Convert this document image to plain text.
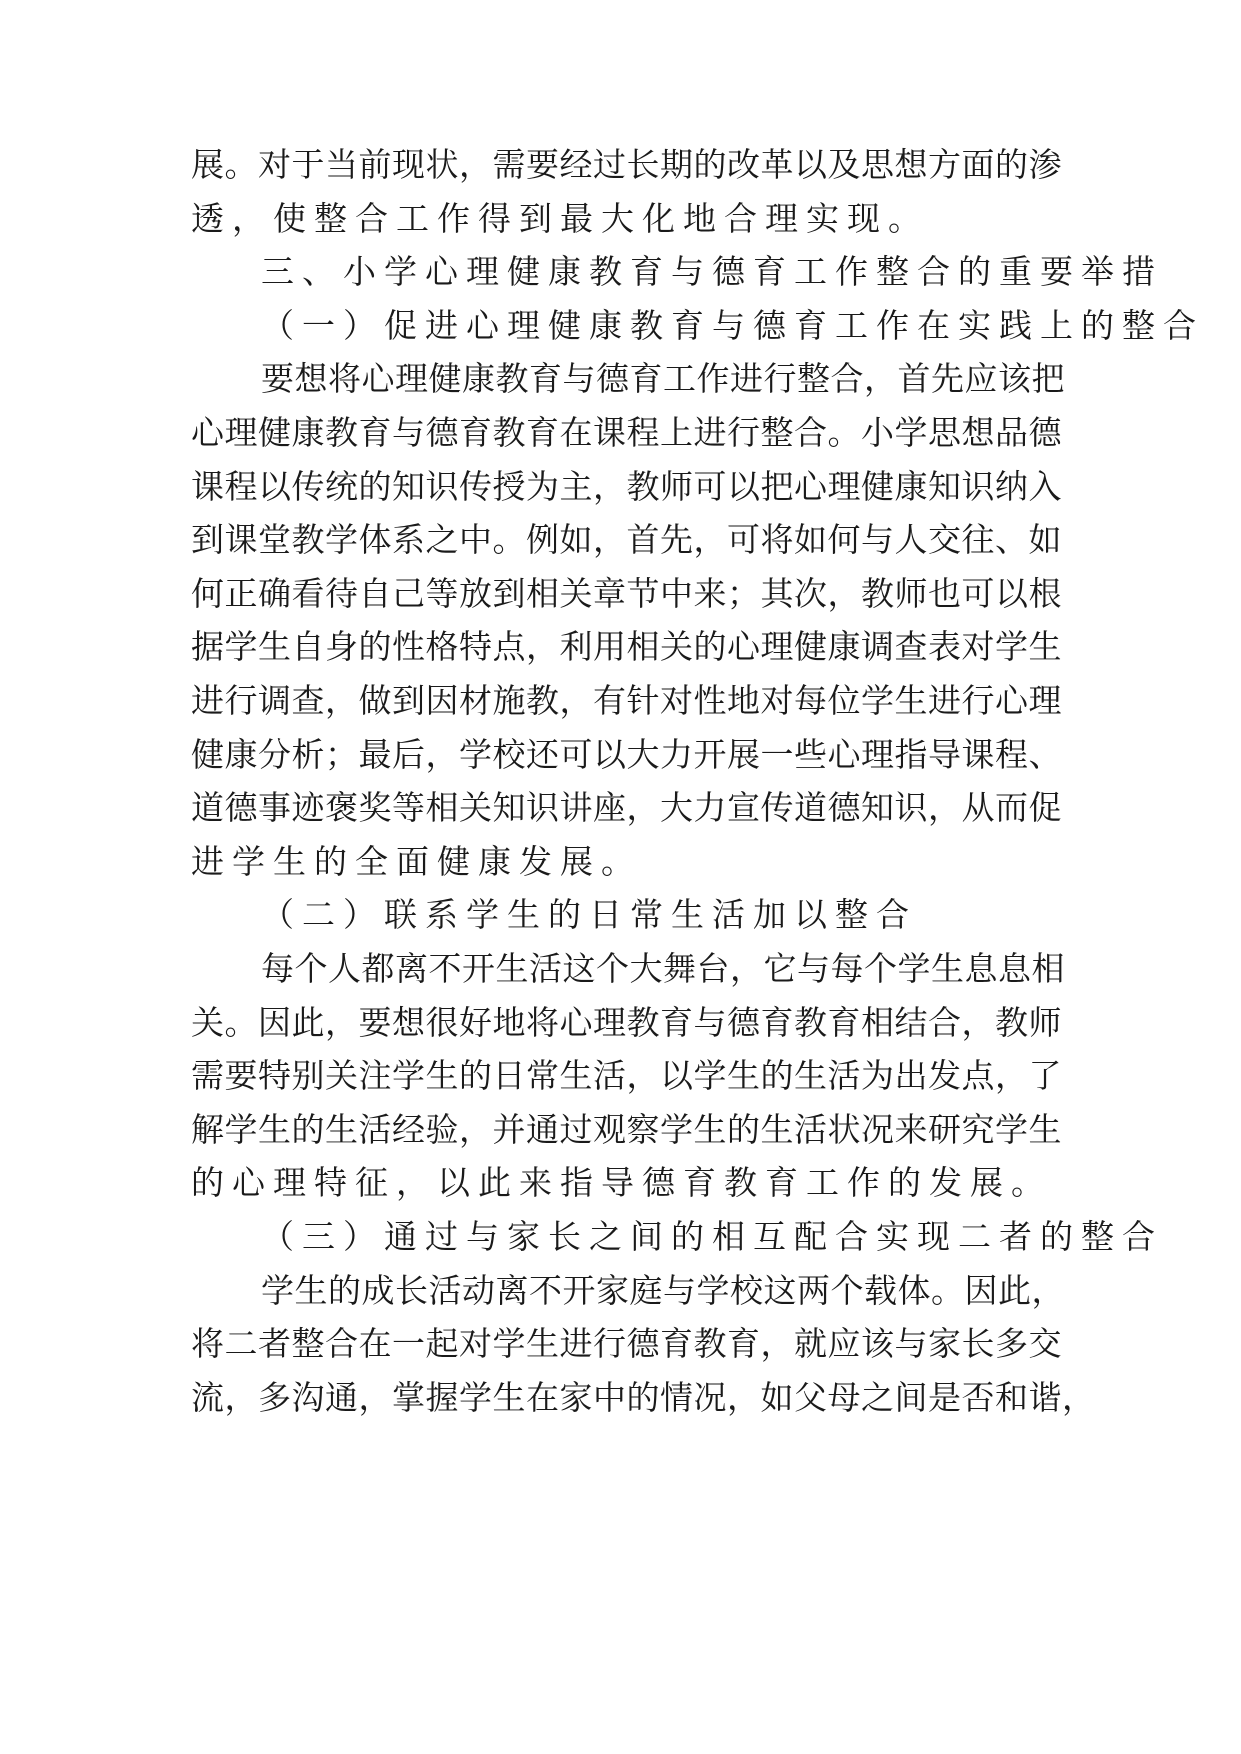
展 。 对 于 当 前 现 状 ， 需 要 经 过 长 期 的 改 革 以 及 思 想 方 面 的 渗
透，使整合工作得到最大化地合理实现。
三、小学心理健康教育与德育工作整合的重要举措
（一）促进心理健康教育与德育工作在实践上的整合
要 想 将 心 理 健 康 教 育 与 德 育 工 作 进 行 整 合 ， 首 先 应 该 把
心 理 健 康 教 育 与 德 育 教 育 在 课 程 上 进 行 整 合 。 小 学 思 想 品 德
课 程 以 传 统 的 知 识 传 授 为 主 ， 教 师 可 以 把 心 理 健 康 知 识 纳 入
到 课 堂 教 学 体 系 之 中 。 例 如 ， 首 先 ， 可 将 如 何 与 人 交 往 、 如
何 正 确 看 待 自 己 等 放 到 相 关 章 节 中 来 ； 其 次 ， 教 师 也 可 以 根
据 学 生 自 身 的 性 格 特 点 ， 利 用 相 关 的 心 理 健 康 调 查 表 对 学 生
进 行 调 查 ， 做 到 因 材 施 教 ， 有 针 对 性 地 对 每 位 学 生 进 行 心 理
健 康 分 析 ； 最 后 ， 学 校 还 可 以 大 力 开 展 一 些 心 理 指 导 课 程 、
道 德 事 迹 褒 奖 等 相 关 知 识 讲 座 ， 大 力 宣 传 道 德 知 识 ， 从 而 促
进学生的全面健康发展。
（二）联系学生的日常生活加以整合
每 个 人 都 离 不 开 生 活 这 个 大 舞 台 ， 它 与 每 个 学 生 息 息 相
关 。 因 此 ， 要 想 很 好 地 将 心 理 教 育 与 德 育 教 育 相 结 合 ， 教 师
需 要 特 别 关 注 学 生 的 日 常 生 活 ， 以 学 生 的 生 活 为 出 发 点 ， 了
解 学 生 的 生 活 经 验 ， 并 通 过 观 察 学 生 的 生 活 状 况 来 研 究 学 生
的心理特征，以此来指导德育教育工作的发展。
（三）通过与家长之间的相互配合实现二者的整合
学 生 的 成 长 活 动 离 不 开 家 庭 与 学 校 这 两 个 载 体 。 因 此 ，
将 二 者 整 合 在 一 起 对 学 生 进 行 德 育 教 育 ， 就 应 该 与 家 长 多 交
流 ， 多 沟 通 ， 掌 握 学 生 在 家 中 的 情 况 ， 如 父 母 之 间 是 否 和 谐 ，
